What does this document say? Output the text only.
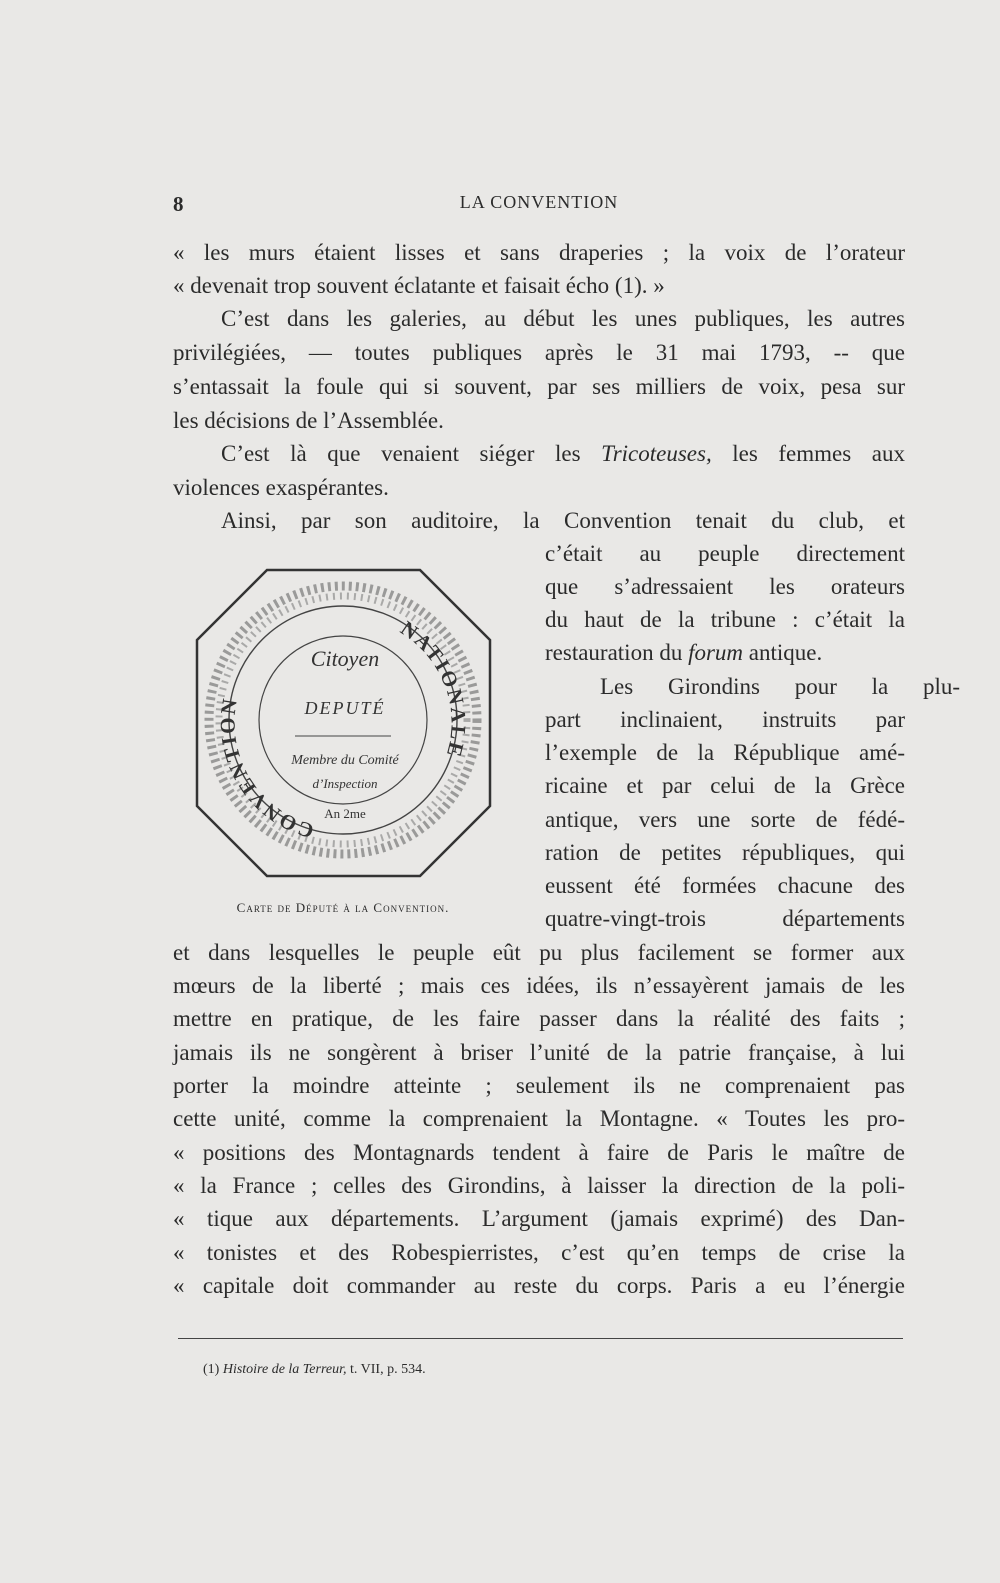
8	LA CONVENTION
« les murs étaient lisses et sans draperies ; la voix de l’orateur
« devenait trop souvent éclatante et faisait écho (1). »
C’est dans les galeries, au début les unes publiques, les autres
privilégiées, — toutes publiques après le 31 mai 1793, -- que
s’entassait la foule qui si souvent, par ses milliers de voix, pesa sur
les décisions de l’Assemblée.
C’est là que venaient siéger les Tricoteuses, les femmes aux
violences exaspérantes.
Ainsi, par son auditoire, la Convention tenait du club, et
c’était au peuple directement
que s’adressaient les orateurs
du haut de la tribune : c’était la
restauration du forum antique.
Les Girondins pour la plu-
part inclinaient, instruits par
l’exemple de la République amé-
ricaine et par celui de la Grèce
antique, vers une sorte de fédé-
ration de petites républiques, qui
eussent été formées chacune des
quatre-vingt-trois départements
et dans lesquelles le peuple eût pu plus facilement se former aux
mœurs de la liberté ; mais ces idées, ils n’essayèrent jamais de les
mettre en pratique, de les faire passer dans la réalité des faits ;
jamais ils ne songèrent à briser l’unité de la patrie française, à lui
porter la moindre atteinte ; seulement ils ne comprenaient pas
cette unité, comme la comprenaient la Montagne. « Toutes les pro-
« positions des Montagnards tendent à faire de Paris le maître de
« la France ; celles des Girondins, à laisser la direction de la poli-
« tique aux départements. L’argument (jamais exprimé) des Dan-
« tonistes et des Robespierristes, c’est qu’en temps de crise la
« capitale doit commander au reste du corps. Paris a eu l’énergie
CONVENTION
NATIONALE
Citoyen
DEPUTÉ
Membre du Comité
d’Inspection
An 2me
Carte de Député à la Convention.
(1) Histoire de la Terreur, t. VII, p. 534.
